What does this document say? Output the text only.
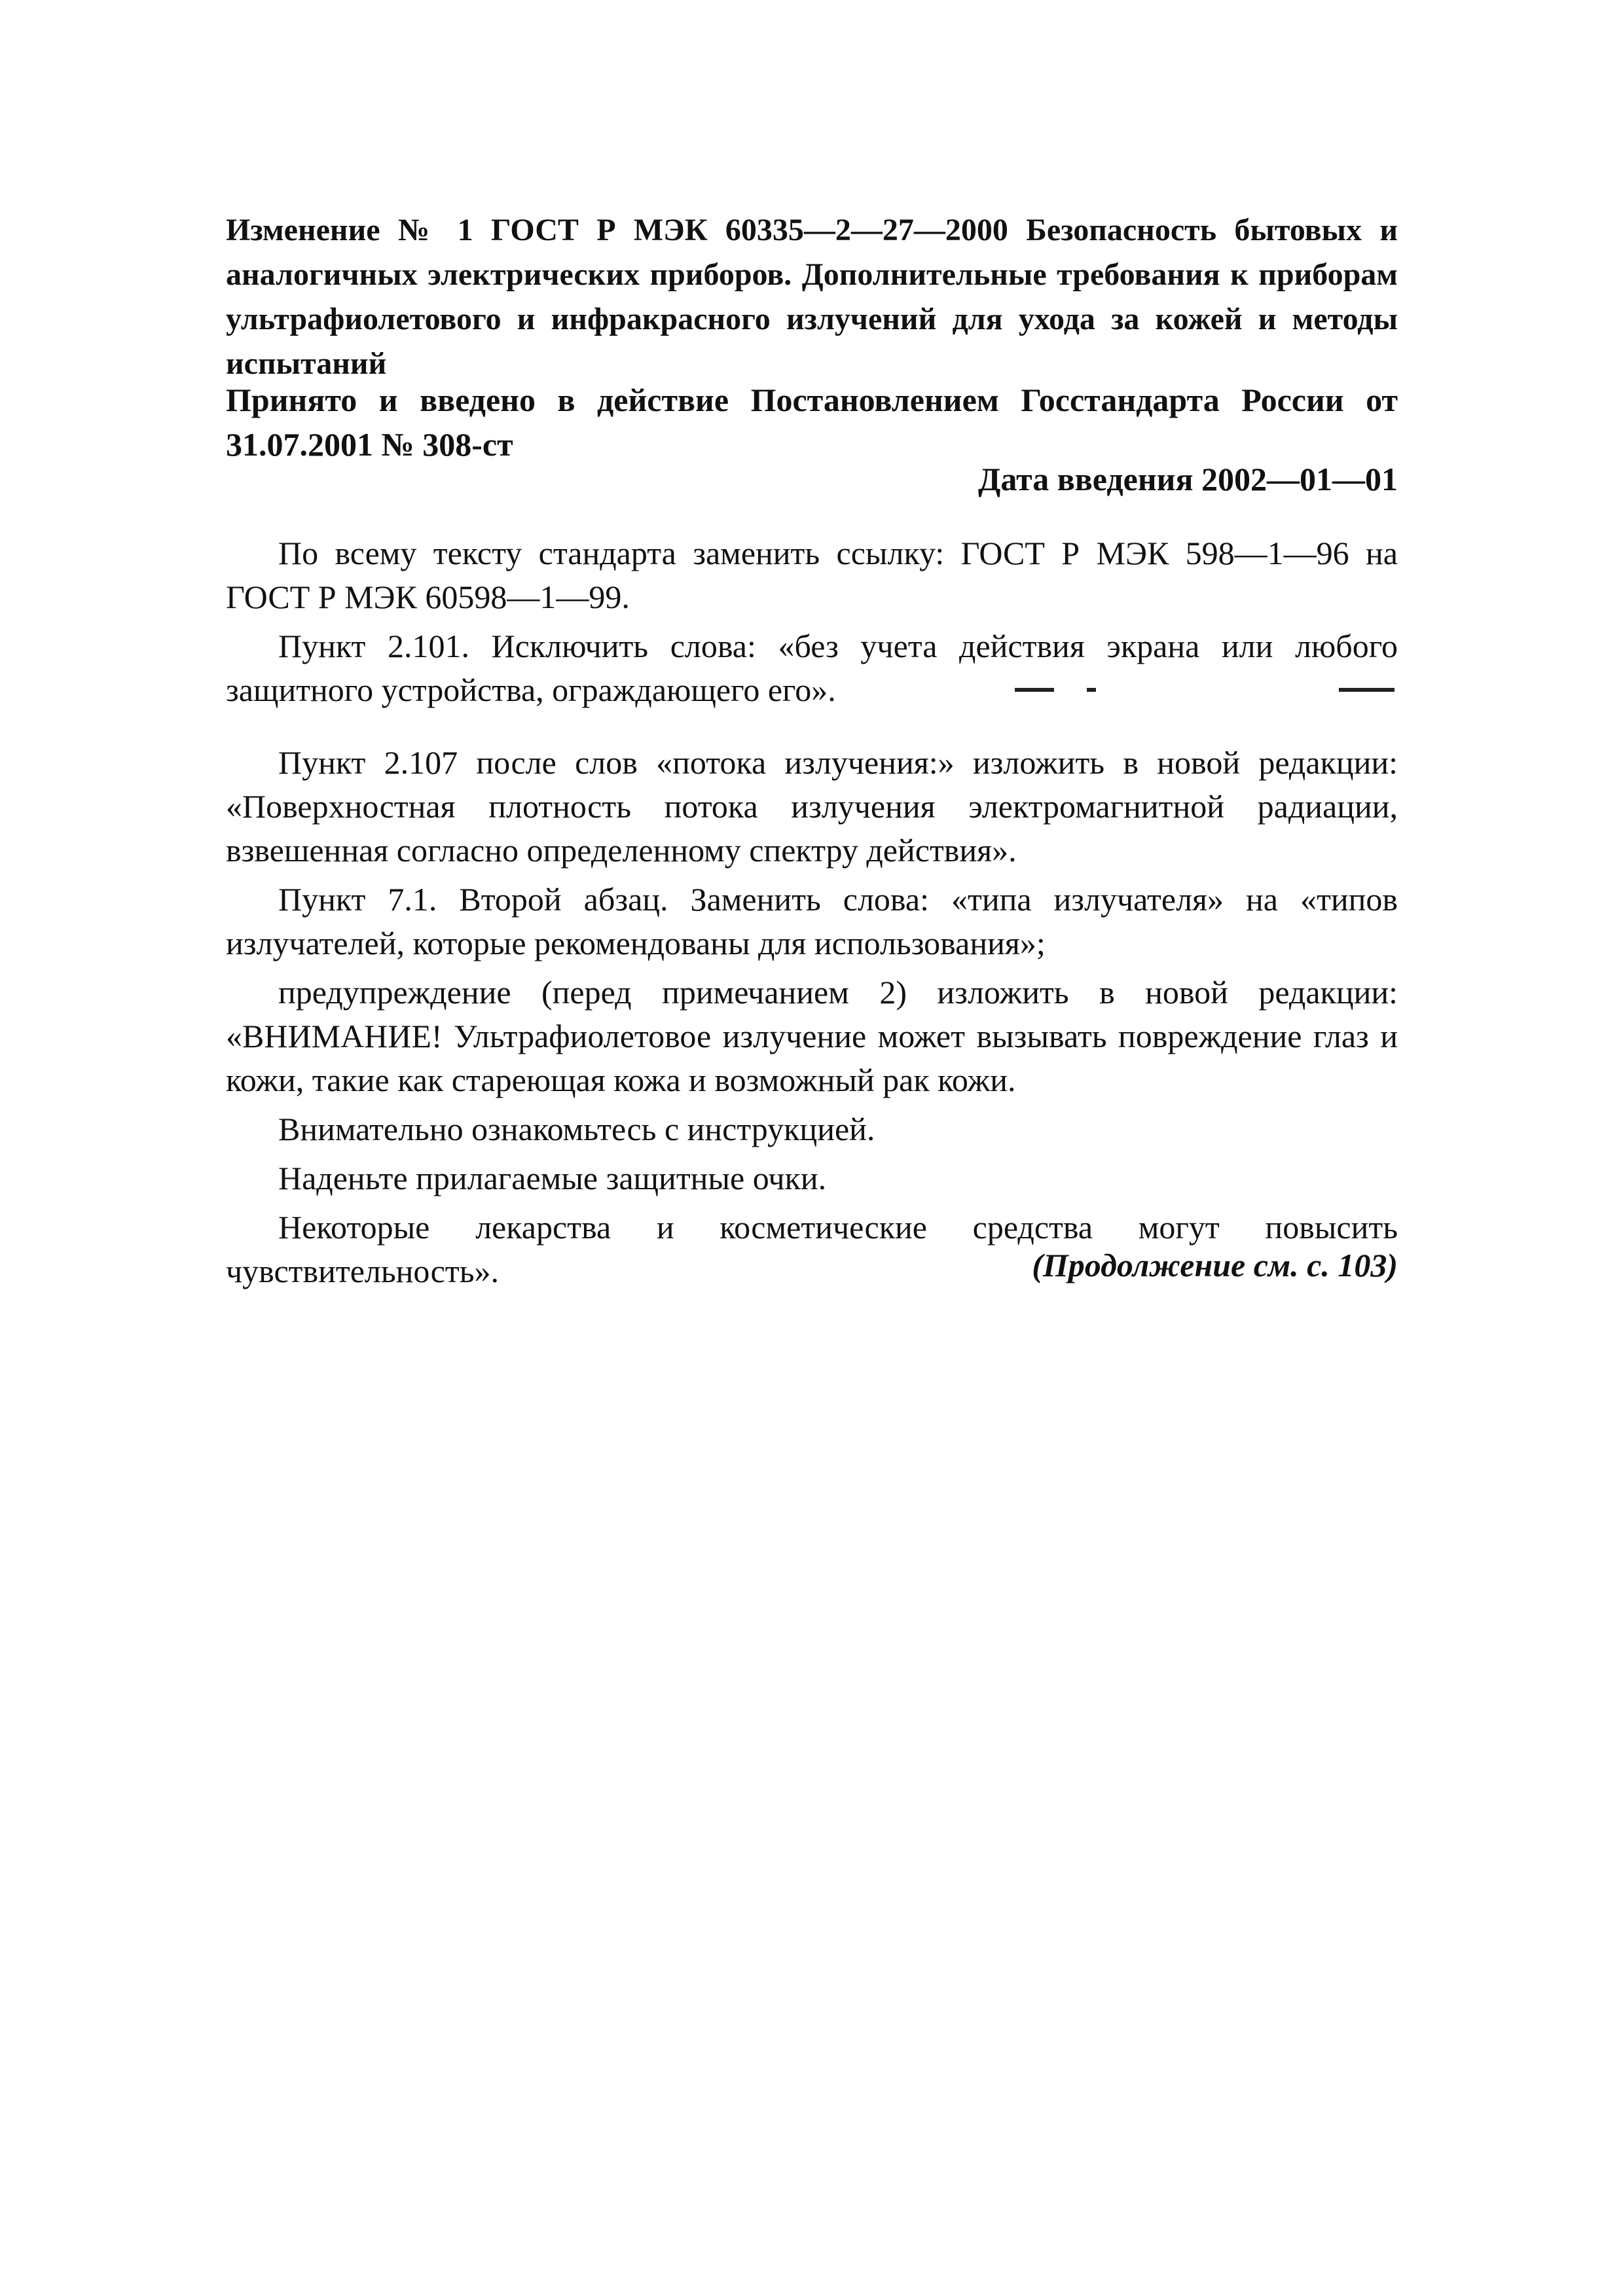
Изменение № 1 ГОСТ Р МЭК 60335—2—27—2000 Безопасность бытовых и аналогичных электрических приборов. Дополнительные требования к приборам ультрафиолетового и инфракрасного излучений для ухода за кожей и методы испытаний
Принято и введено в действие Постановлением Госстандарта России от 31.07.2001 № 308-ст
Дата введения 2002—01—01

По всему тексту стандарта заменить ссылку: ГОСТ Р МЭК 598—1—96 на ГОСТ Р МЭК 60598—1—99.

Пункт 2.101. Исключить слова: «без учета действия экрана или любого защитного устройства, ограждающего его».

Пункт 2.107 после слов «потока излучения:» изложить в новой редакции: «Поверхностная плотность потока излучения электромагнитной радиации, взвешенная согласно определенному спектру действия».

Пункт 7.1. Второй абзац. Заменить слова: «типа излучателя» на «типов излучателей, которые рекомендованы для использования»;

предупреждение (перед примечанием 2) изложить в новой редакции: «ВНИМАНИЕ! Ультрафиолетовое излучение может вызывать повреждение глаз и кожи, такие как стареющая кожа и возможный рак кожи.

Внимательно ознакомьтесь с инструкцией.

Наденьте прилагаемые защитные очки.

Некоторые лекарства и косметические средства могут повысить чувствительность».	(Продолжение см. с. 103)
